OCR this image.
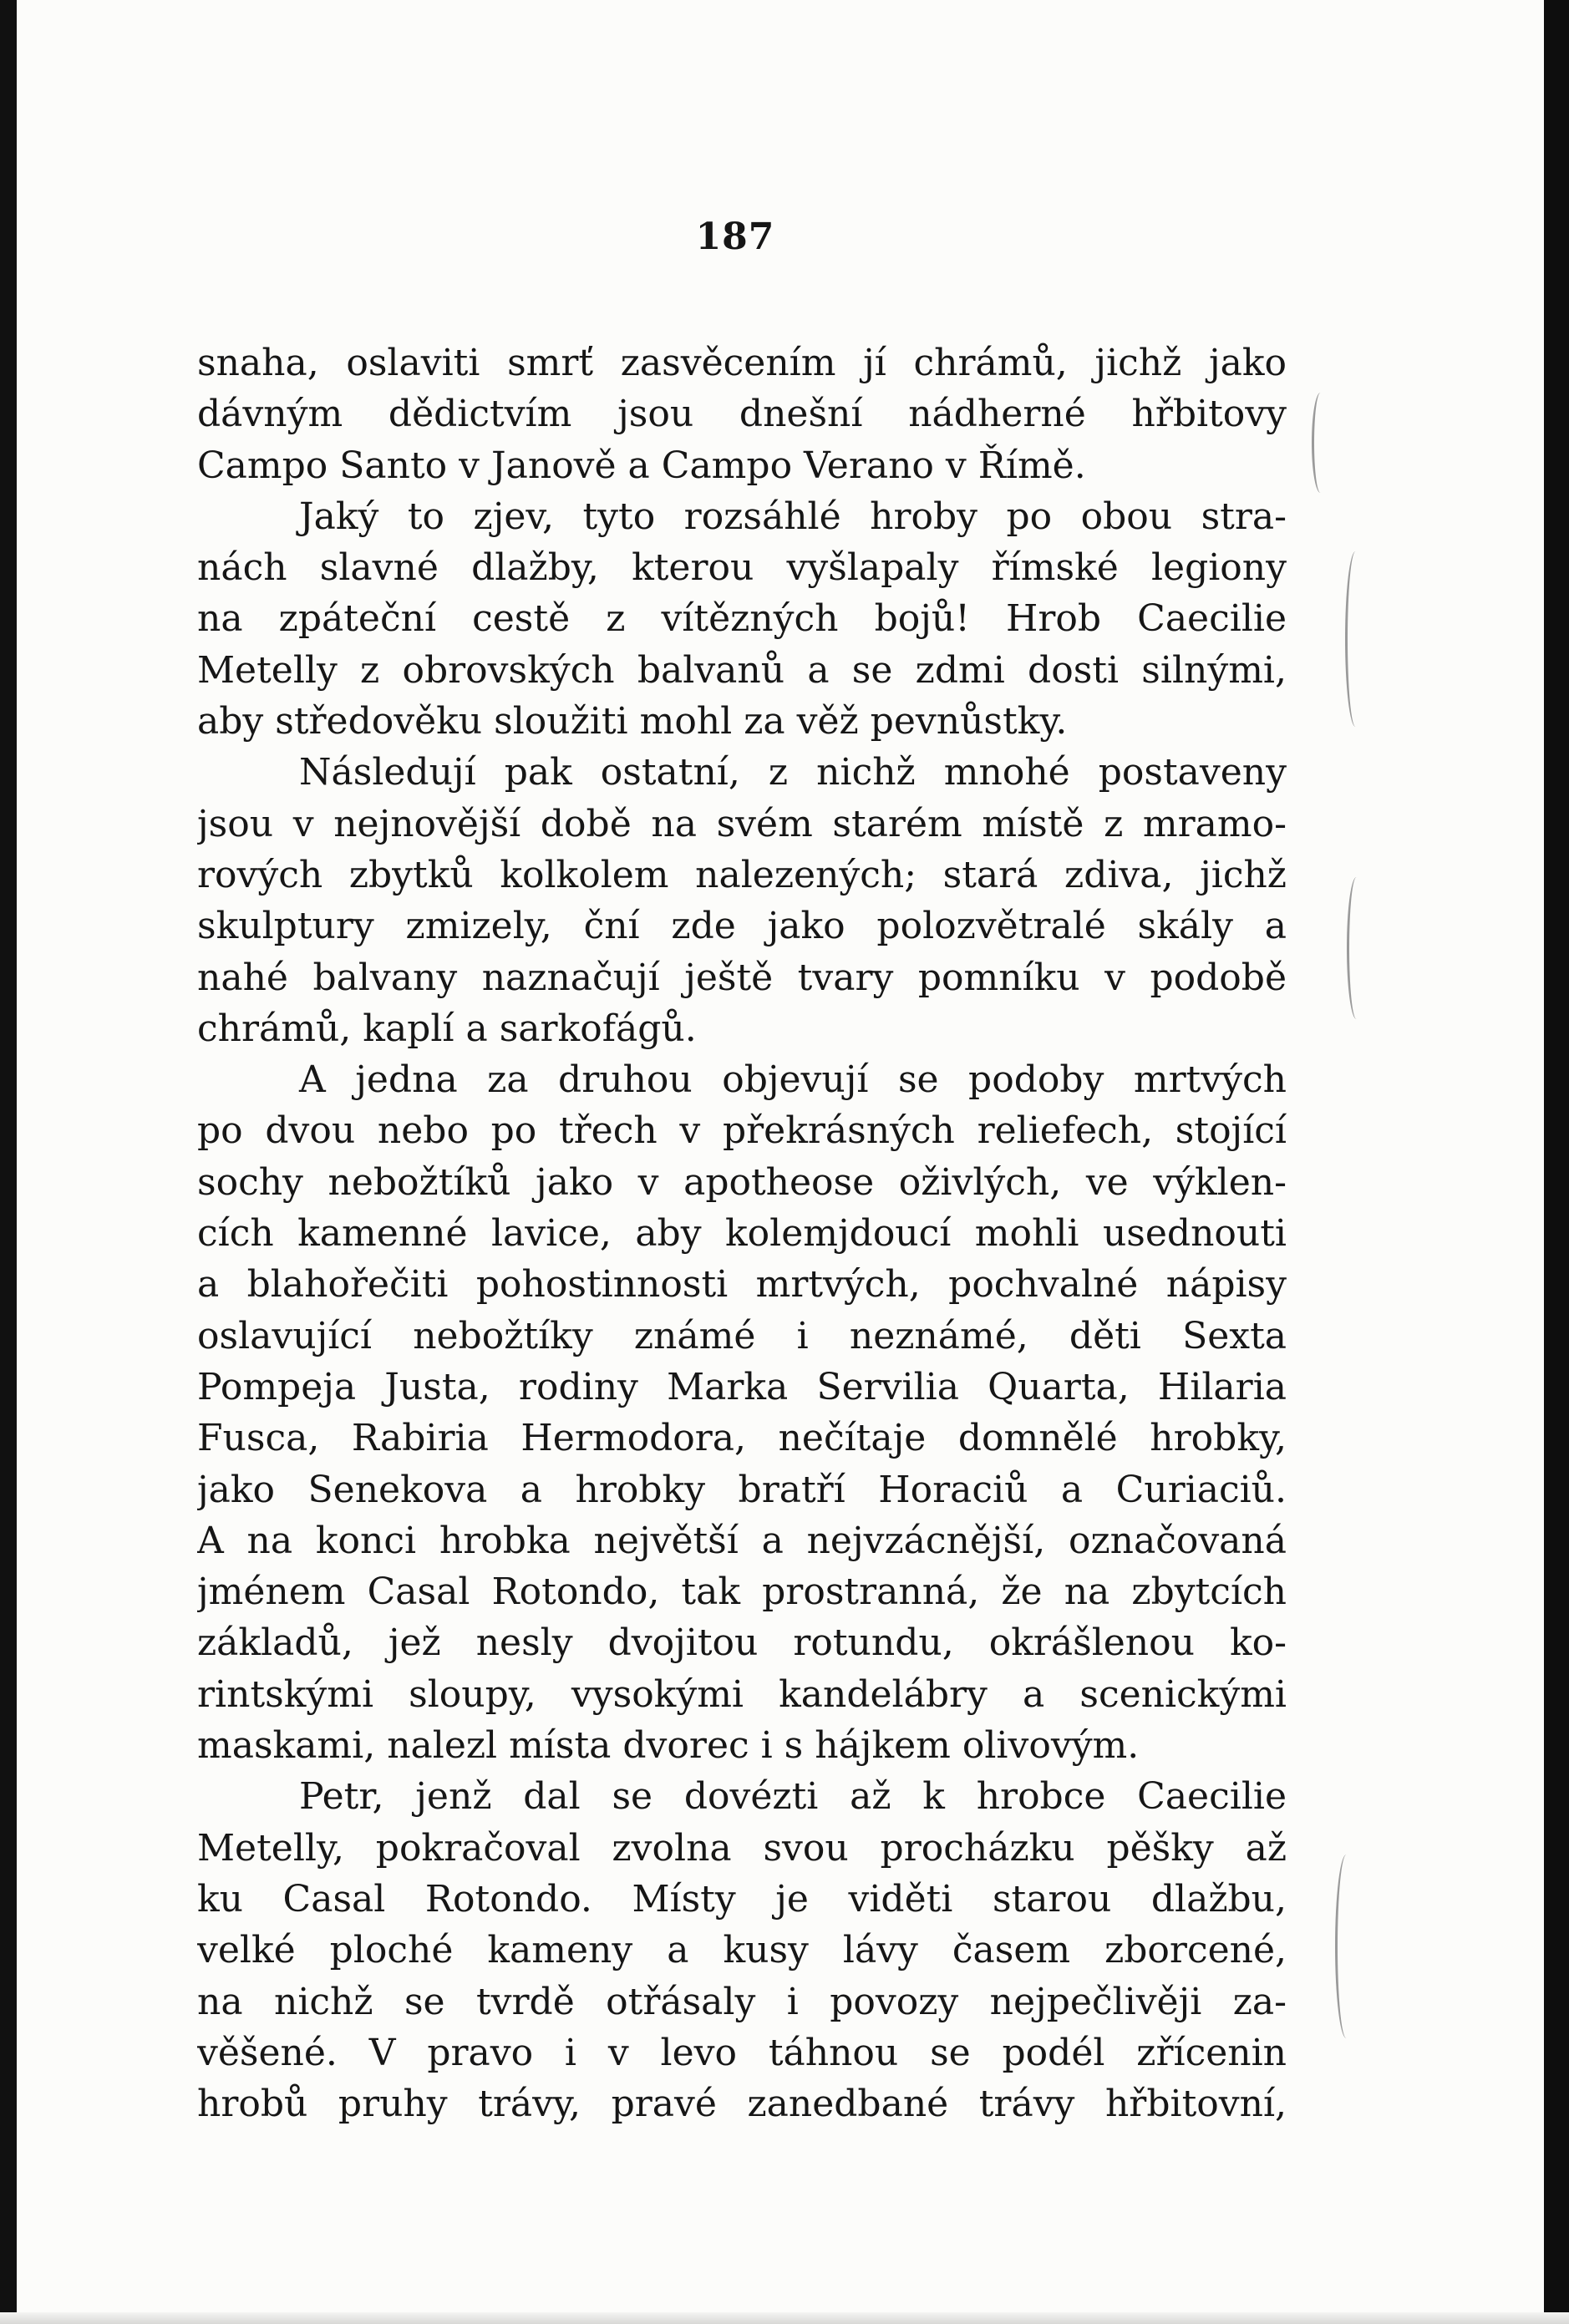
187
snaha, oslaviti smrť zasvěcením jí chrámů, jichž jako
dávným dědictvím jsou dnešní nádherné hřbitovy
Campo Santo v Janově a Campo Verano v Římě.
Jaký to zjev, tyto rozsáhlé hroby po obou stra-
nách slavné dlažby, kterou vyšlapaly římské legiony
na zpáteční cestě z vítězných bojů! Hrob Caecilie
Metelly z obrovských balvanů a se zdmi dosti silnými,
aby středověku sloužiti mohl za věž pevnůstky.
Následují pak ostatní, z nichž mnohé postaveny
jsou v nejnovější době na svém starém místě z mramo-
rových zbytků kolkolem nalezených; stará zdiva, jichž
skulptury zmizely, ční zde jako polozvětralé skály a
nahé balvany naznačují ještě tvary pomníku v podobě
chrámů, kaplí a sarkofágů.
A jedna za druhou objevují se podoby mrtvých
po dvou nebo po třech v překrásných reliefech, stojící
sochy nebožtíků jako v apotheose oživlých, ve výklen-
cích kamenné lavice, aby kolemjdoucí mohli usednouti
a blahořečiti pohostinnosti mrtvých, pochvalné nápisy
oslavující nebožtíky známé i neznámé, děti Sexta
Pompeja Justa, rodiny Marka Servilia Quarta, Hilaria
Fusca, Rabiria Hermodora, nečítaje domnělé hrobky,
jako Senekova a hrobky bratří Horaciů a Curiaciů.
A na konci hrobka největší a nejvzácnější, označovaná
jménem Casal Rotondo, tak prostranná, že na zbytcích
základů, jež nesly dvojitou rotundu, okrášlenou ko-
rintskými sloupy, vysokými kandelábry a scenickými
maskami, nalezl místa dvorec i s hájkem olivovým.
Petr, jenž dal se dovézti až k hrobce Caecilie
Metelly, pokračoval zvolna svou procházku pěšky až
ku Casal Rotondo. Místy je viděti starou dlažbu,
velké ploché kameny a kusy lávy časem zborcené,
na nichž se tvrdě otřásaly i povozy nejpečlivěji za-
věšené. V pravo i v levo táhnou se podél zřícenin
hrobů pruhy trávy, pravé zanedbané trávy hřbitovní,
